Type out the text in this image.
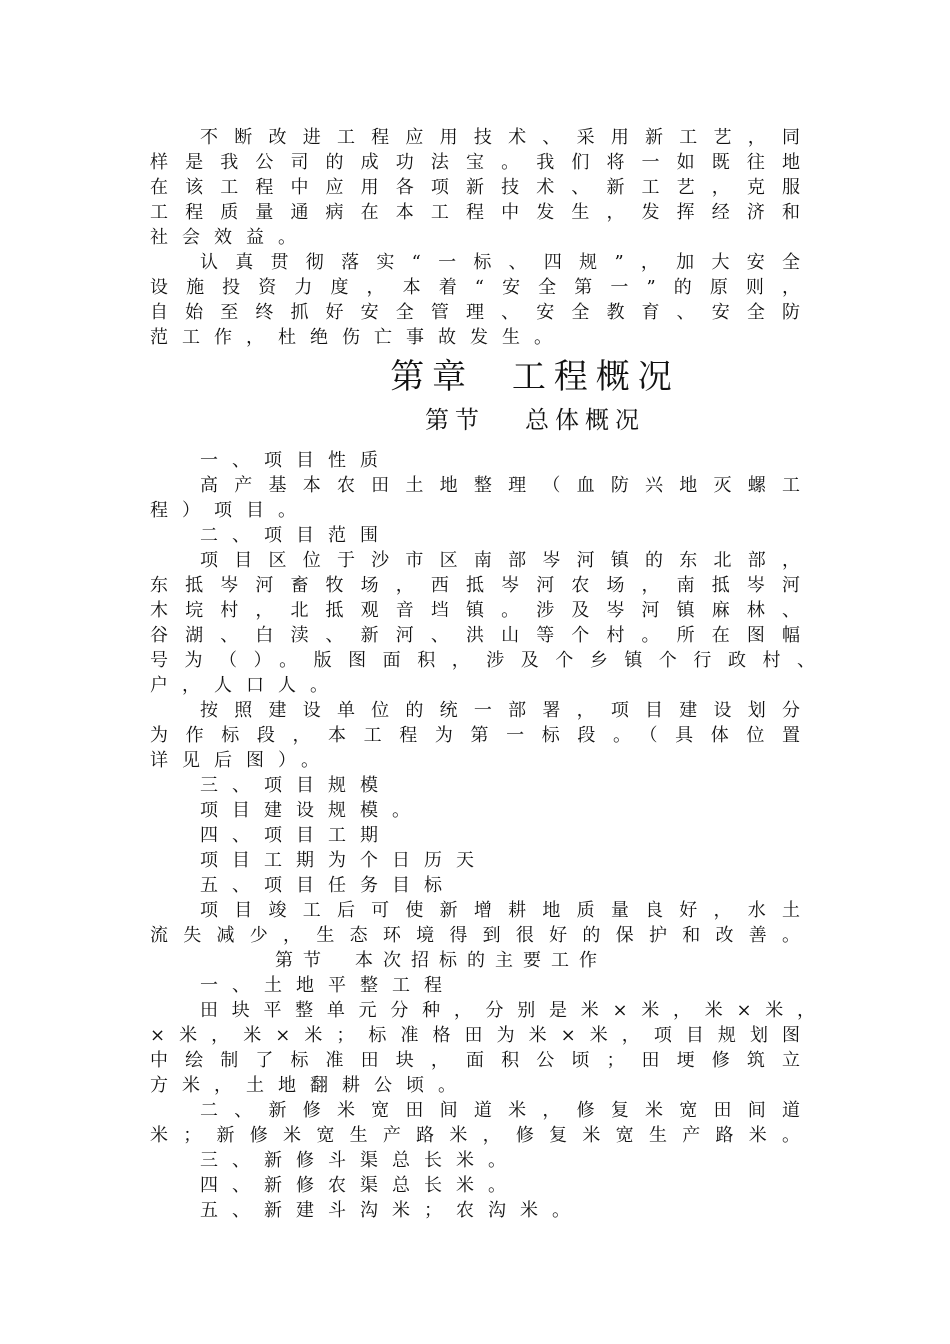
不断改进工程应用技术、采用新工艺，同
样是我公司的成功法宝。我们将一如既往地
在该工程中应用各项新技术、新工艺，克服
工程质量通病在本工程中发生，发挥经济和
社会效益。
认真贯彻落实“一标、四规”，加大安全
设施投资力度，本着“安全第一”的原则，
自始至终抓好安全管理、安全教育、安全防
范工作，杜绝伤亡事故发生。
第章 工程概况
第节 总体概况
一、项目性质
高产基本农田土地整理（血防兴地灭螺工
程）项目。
二、项目范围
项目区位于沙市区南部岑河镇的东北部，
东抵岑河畜牧场，西抵岑河农场，南抵岑河
木垸村，北抵观音垱镇。涉及岑河镇麻林、
谷湖、白渎、新河、洪山等个村。所在图幅
号为（）。版图面积，涉及个乡镇个行政村、
户，人口人。
按照建设单位的统一部署，项目建设划分
为作标段，本工程为第一标段。（具体位置
详见后图）。
三、项目规模
项目建设规模。
四、项目工期
项目工期为个日历天
五、项目任务目标
项目竣工后可使新增耕地质量良好，水土
流失减少，生态环境得到很好的保护和改善。
第节 本次招标的主要工作
一、土地平整工程
田块平整单元分种，分别是米×米，米×米，
×米，米×米；标准格田为米×米，项目规划图
中绘制了标准田块，面积公顷；田埂修筑立
方米，土地翻耕公顷。
二、新修米宽田间道米，修复米宽田间道
米；新修米宽生产路米，修复米宽生产路米。
三、新修斗渠总长米。
四、新修农渠总长米。
五、新建斗沟米；农沟米。
